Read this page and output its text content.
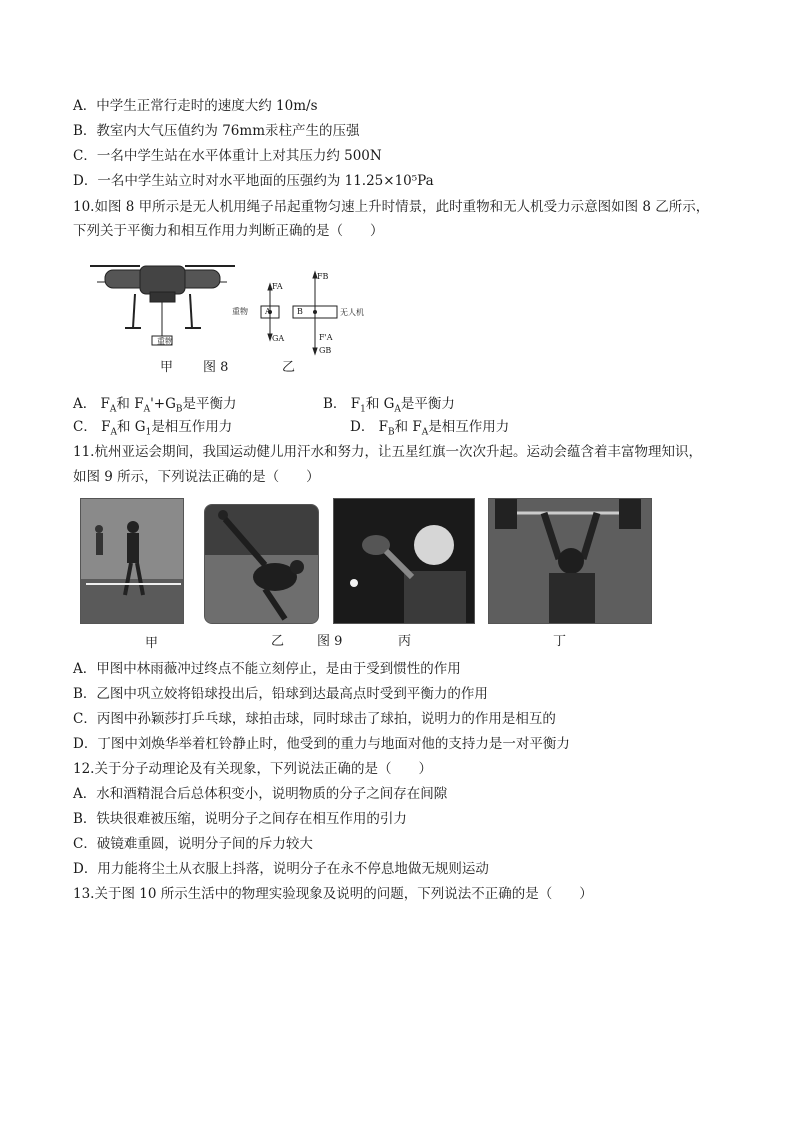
A．中学生正常行走时的速度大约 10m/s
B．教室内大气压值约为 76mm汞柱产生的压强
C．一名中学生站在水平体重计上对其压力约 500N
D．一名中学生站立时对水平地面的压强约为 11.25×10⁵Pa
10.如图 8 甲所示是无人机用绳子吊起重物匀速上升时情景，此时重物和无人机受力示意图如图 8 乙所示，
下列关于平衡力和相互作用力判断正确的是（　　）
重物
重物 A	B	无人机
FA
GA
FB
F'A
GB
甲 图 8	乙
A． $F_A$和 $F_A'+G_B$是平衡力	B． $F_1$和 $G_A$是平衡力
C． $F_A$和 $G_1$是相互作用力	D． $F_B$和 $F_A$是相互作用力
11.杭州亚运会期间，我国运动健儿用汗水和努力，让五星红旗一次次升起。运动会蕴含着丰富物理知识，
如图 9 所示，下列说法正确的是（　　）
甲	乙	图 9	丙	丁
A．甲图中林雨薇冲过终点不能立刻停止，是由于受到惯性的作用
B．乙图中巩立姣将铅球投出后，铅球到达最高点时受到平衡力的作用
C．丙图中孙颖莎打乒乓球，球拍击球，同时球击了球拍，说明力的作用是相互的
D．丁图中刘焕华举着杠铃静止时，他受到的重力与地面对他的支持力是一对平衡力
12.关于分子动理论及有关现象，下列说法正确的是（　　）
A．水和酒精混合后总体积变小，说明物质的分子之间存在间隙
B．铁块很难被压缩，说明分子之间存在相互作用的引力
C．破镜难重圆，说明分子间的斥力较大
D．用力能将尘土从衣服上抖落，说明分子在永不停息地做无规则运动
13.关于图 10 所示生活中的物理实验现象及说明的问题，下列说法不正确的是（　　）
